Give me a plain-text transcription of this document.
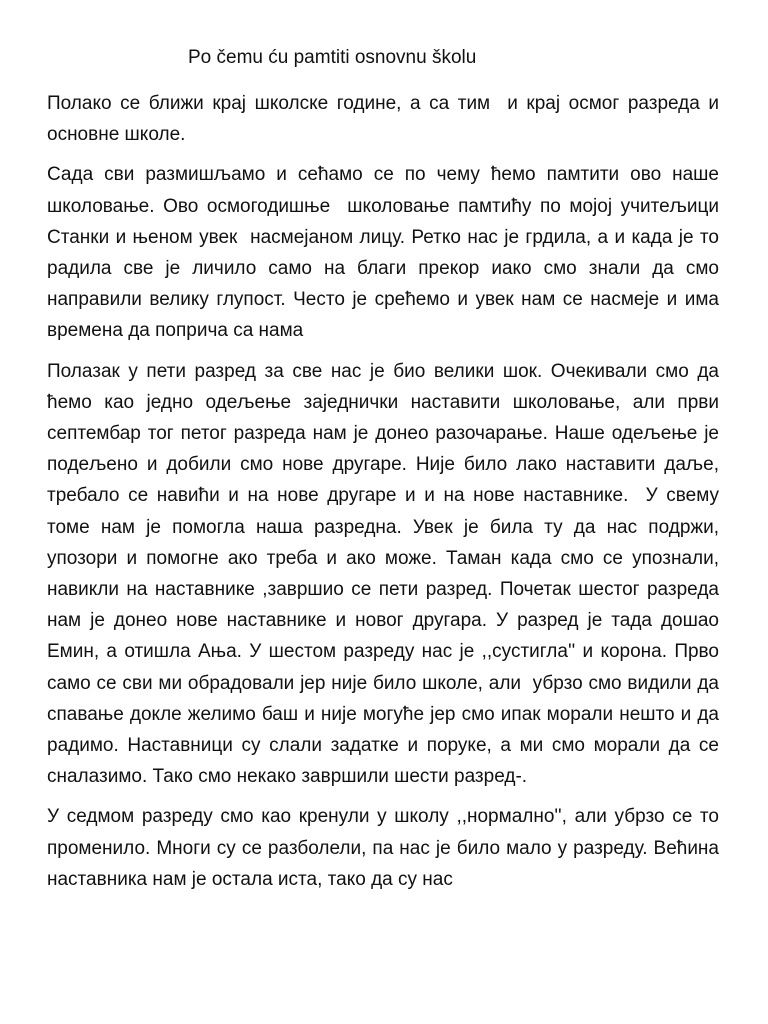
Po čemu ću pamtiti osnovnu školu

Полако се ближи крај школске године, а са тим  и крај осмог разреда и основне школе.

Сада сви размишљамо и сећамо се по чему ћемо памтити ово наше школовање. Ово осмогодишње  школовање памтићу по мојој учитељици Станки и њеном увек  насмејаном лицу. Ретко нас је грдила, а и када је то радила све је личило само на благи прекор иако смо знали да смо направили велику глупост. Често је срећемо и увек нам се насмеје и има времена да поприча са нама

Полазак у пети разред за све нас је био велики шок. Очекивали смо да ћемо као једно одељење заједнички наставити школовање, али први септембар тог петог разреда нам је донео разочарање. Наше одељење је подељено и добили смо нове другаре. Није било лако наставити даље, требало се навићи и на нове другаре и и на нове наставнике.  У свему томе нам је помогла наша разредна. Увек је била ту да нас подржи, упозори и помогне ако треба и ако може. Таман када смо се упознали, навикли на наставнике ,завршио се пети разред. Почетак шестог разреда нам је донео нове наставнике и новог другара. У разред је тада дошао Емин, а отишла Ања. У шестом разреду нас је ,,сустигла'' и корона. Прво само се сви ми обрадовали јер није било школе, али  убрзо смо видили да спавање докле желимо баш и није могуће јер смо ипак морали нешто и да радимо. Наставници су слали задатке и поруке, а ми смо морали да се сналазимо. Тако смо некако завршили шести разред-.

У седмом разреду смо као кренули у школу ,,нормално'', али убрзо се то променило. Многи су се разболели, па нас је било мало у разреду. Већина наставника нам је остала иста, тако да су нас
